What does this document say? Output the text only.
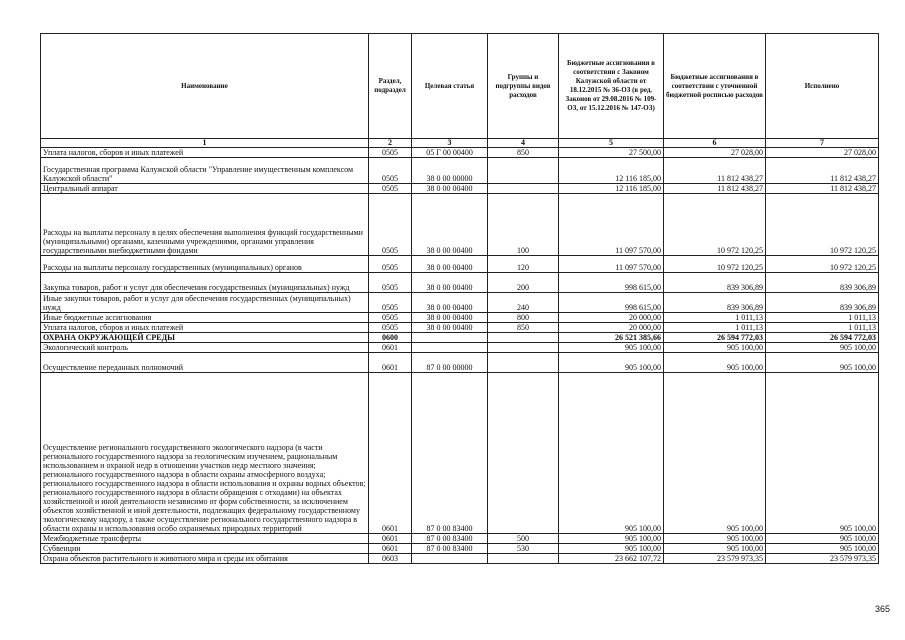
Наименование	Раздел, подраздел	Целевая статья	Группы и подгруппы видов расходов	Бюджетные ассигнования в соответствии с Законом Калужской области от 18.12.2015 № 36-ОЗ (в ред. Законов от 29.08.2016 № 109-ОЗ, от 15.12.2016 № 147-ОЗ)	Бюджетные ассигнования в соответствии с уточненной бюджетной росписью расходов	Исполнено
1	2	3	4	5	6	7
Уплата налогов, сборов и иных платежей	0505	05 Г 00 00400	850	27 500,00	27 028,00	27 028,00
Государственная программа Калужской области "Управление имущественным комплексом Калужской области"	0505	38 0 00 00000		12 116 185,00	11 812 438,27	11 812 438,27
Центральный аппарат	0505	38 0 00 00400		12 116 185,00	11 812 438,27	11 812 438,27
Расходы на выплаты персоналу в целях обеспечения выполнения функций государственными (муниципальными) органами, казенными учреждениями, органами управления государственными внебюджетными фондами	0505	38 0 00 00400	100	11 097 570,00	10 972 120,25	10 972 120,25
Расходы на выплаты персоналу государственных (муниципальных) органов	0505	38 0 00 00400	120	11 097 570,00	10 972 120,25	10 972 120,25
Закупка товаров, работ и услуг для обеспечения государственных (муниципальных) нужд	0505	38 0 00 00400	200	998 615,00	839 306,89	839 306,89
Иные закупки товаров, работ и услуг для обеспечения государственных (муниципальных) нужд	0505	38 0 00 00400	240	998 615,00	839 306,89	839 306,89
Иные бюджетные ассигнования	0505	38 0 00 00400	800	20 000,00	1 011,13	1 011,13
Уплата налогов, сборов и иных платежей	0505	38 0 00 00400	850	20 000,00	1 011,13	1 011,13
ОХРАНА ОКРУЖАЮЩЕЙ СРЕДЫ	0600			26 521 385,66	26 594 772,03	26 594 772,03
Экологический контроль	0601			905 100,00	905 100,00	905 100,00
Осуществление переданных полномочий	0601	87 0 00 00000		905 100,00	905 100,00	905 100,00
Осуществление регионального государственного экологического надзора (в части регионального государственного надзора за геологическим изучением, рациональным использованием и охраной недр в отношении участков недр местного значения; регионального государственного надзора в области охраны атмосферного воздуха; регионального государственного надзора в области использования и охраны водных объектов; регионального государственного надзора в области обращения с отходами) на объектах хозяйственной и иной деятельности независимо от форм собственности, за исключением объектов хозяйственной и иной деятельности, подлежащих федеральному государственному экологическому надзору, а также осуществление регионального государственного надзора в области охраны и использования особо охраняемых природных территорий	0601	87 0 00 83400		905 100,00	905 100,00	905 100,00
Межбюджетные трансферты	0601	87 0 00 83400	500	905 100,00	905 100,00	905 100,00
Субвенции	0601	87 0 00 83400	530	905 100,00	905 100,00	905 100,00
Охрана объектов растительного и животного мира и среды их обитания	0603			23 662 107,72	23 579 973,35	23 579 973,35
365
